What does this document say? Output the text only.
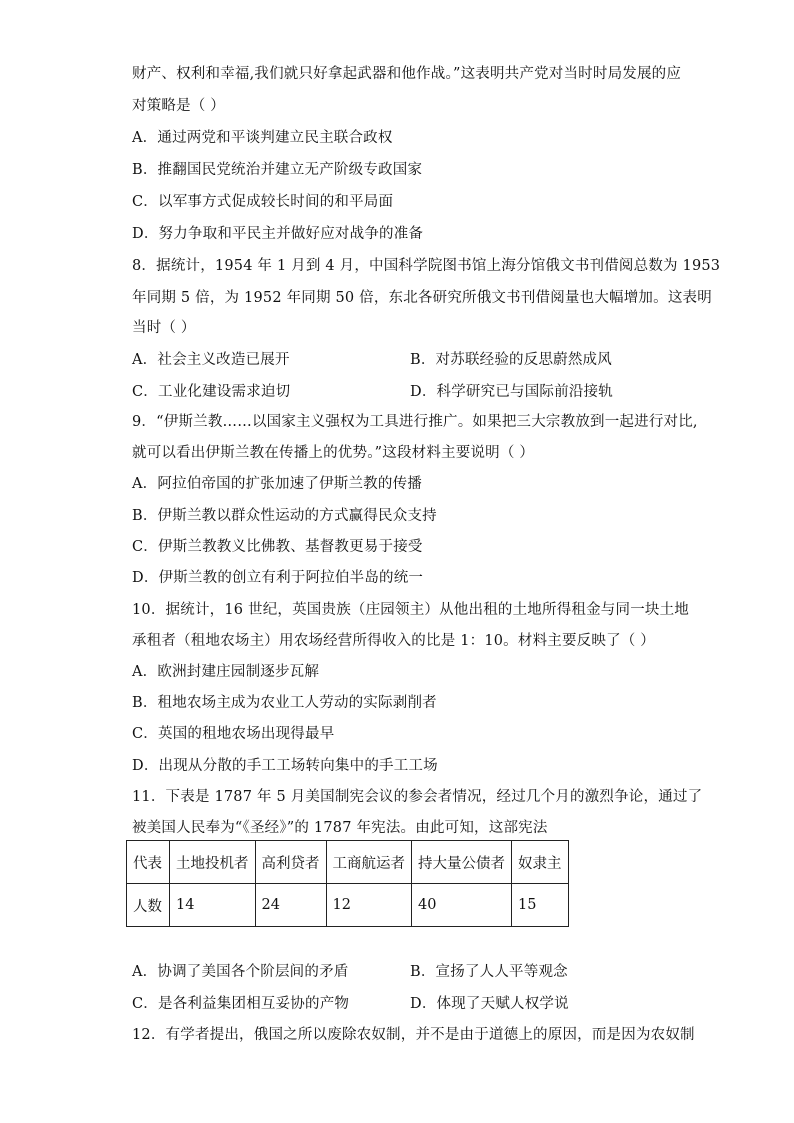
财产、权利和幸福,我们就只好拿起武器和他作战。”这表明共产党对当时时局发展的应
对策略是（ ）
A．通过两党和平谈判建立民主联合政权
B．推翻国民党统治并建立无产阶级专政国家
C．以军事方式促成较长时间的和平局面
D．努力争取和平民主并做好应对战争的准备
8．据统计，1954 年 1 月到 4 月，中国科学院图书馆上海分馆俄文书刊借阅总数为 1953
年同期 5 倍，为 1952 年同期 50 倍，东北各研究所俄文书刊借阅量也大幅增加。这表明
当时（ ）
A．社会主义改造已展开	B．对苏联经验的反思蔚然成风
C．工业化建设需求迫切	D．科学研究已与国际前沿接轨
9．“伊斯兰教……以国家主义强权为工具进行推广。如果把三大宗教放到一起进行对比,
就可以看出伊斯兰教在传播上的优势。”这段材料主要说明（ ）
A．阿拉伯帝国的扩张加速了伊斯兰教的传播
B．伊斯兰教以群众性运动的方式赢得民众支持
C．伊斯兰教教义比佛教、基督教更易于接受
D．伊斯兰教的创立有利于阿拉伯半岛的统一
10．据统计，16 世纪，英国贵族（庄园领主）从他出租的土地所得租金与同一块土地
承租者（租地农场主）用农场经营所得收入的比是 1：10。材料主要反映了（ ）
A．欧洲封建庄园制逐步瓦解
B．租地农场主成为农业工人劳动的实际剥削者
C．英国的租地农场出现得最早
D．出现从分散的手工工场转向集中的手工工场
11．下表是 1787 年 5 月美国制宪会议的参会者情况，经过几个月的激烈争论，通过了
被美国人民奉为“《圣经》”的 1787 年宪法。由此可知，这部宪法
代表	土地投机者	高利贷者	工商航运者	持大量公债者	奴隶主
人数	14	24	12	40	15
A．协调了美国各个阶层间的矛盾	B．宣扬了人人平等观念
C．是各利益集团相互妥协的产物	D．体现了天赋人权学说
12．有学者提出，俄国之所以废除农奴制，并不是由于道德上的原因，而是因为农奴制
